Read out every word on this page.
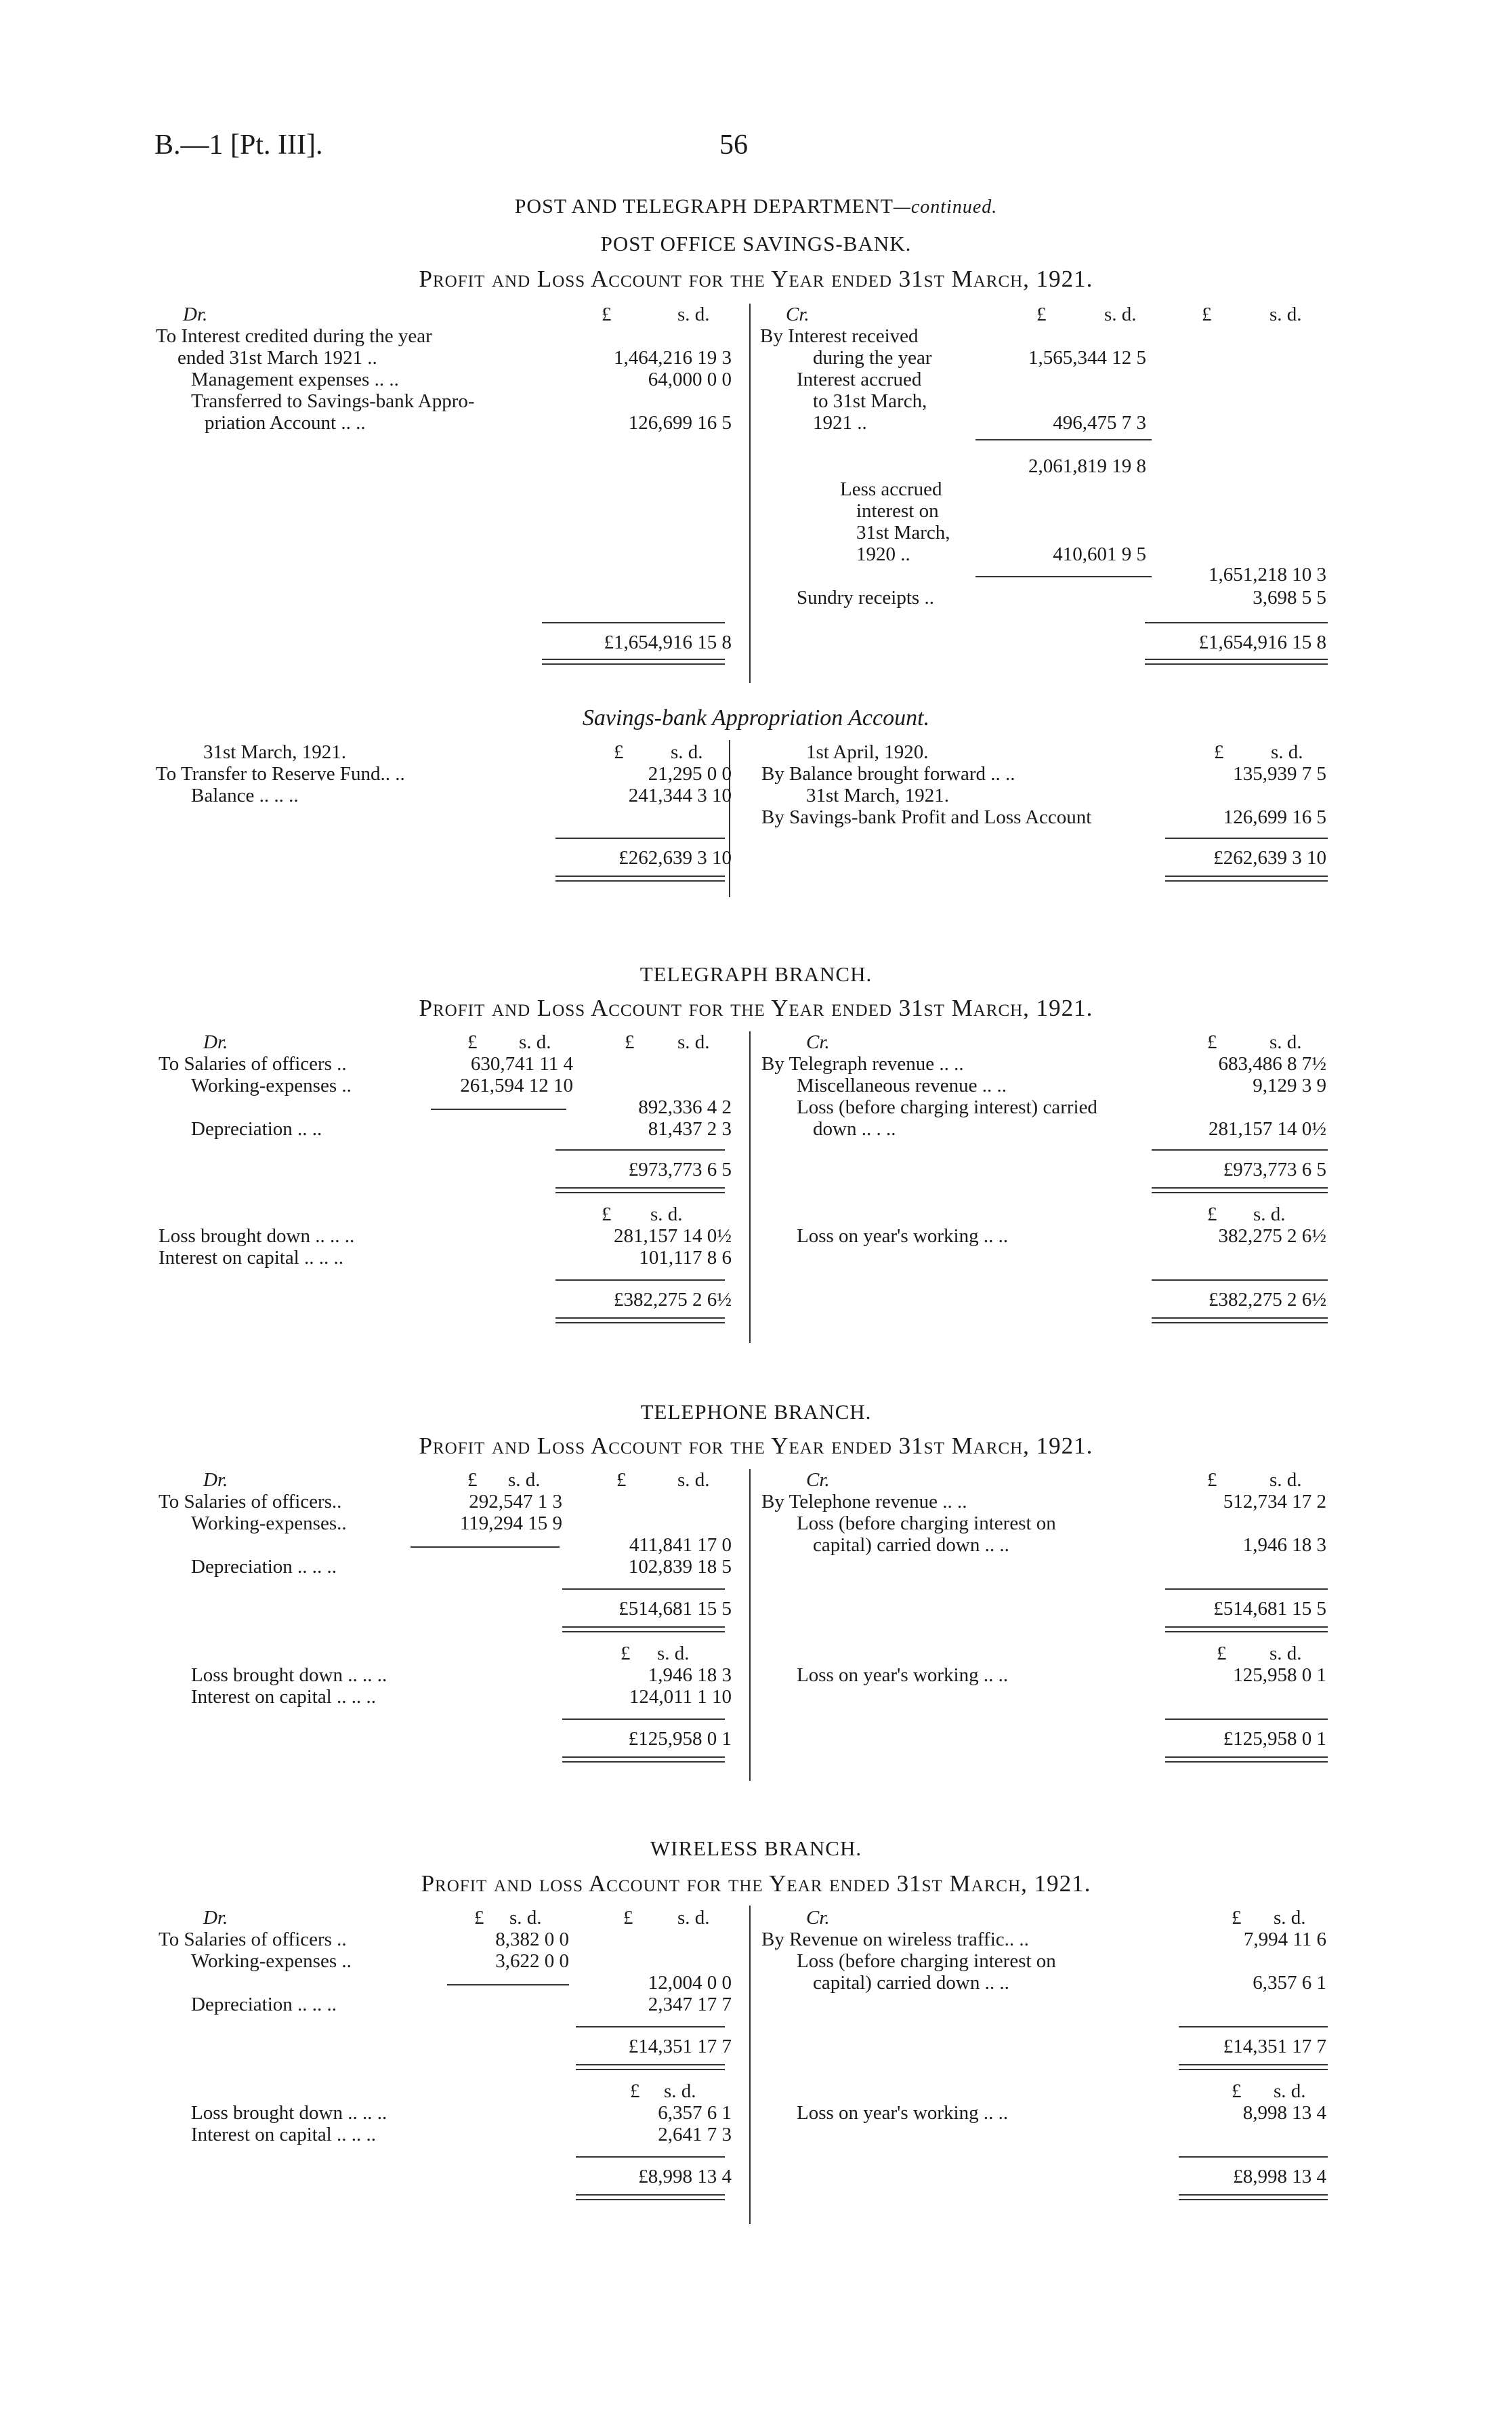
B.—1 [Pt. III].	56
POST AND TELEGRAPH DEPARTMENT—continued.
POST OFFICE SAVINGS-BANK.
Profit and Loss Account for the Year ended 31st March, 1921.
Dr.	£	s. d.
To Interest credited during the year
ended 31st March 1921 ..	1,464,216 19 3
Management expenses .. ..	64,000 0 0
Transferred to Savings-bank Appro-
priation Account .. ..	126,699 16 5
£1,654,916 15 8
Cr.	£	s. d.	£	s. d.
By Interest received
during the year	1,565,344 12 5
Interest accrued
to 31st March,
1921 ..	496,475 7 3
2,061,819 19 8
Less accrued
interest on
31st March,
1920 ..	410,601 9 5
1,651,218 10 3
Sundry receipts ..	3,698 5 5
£1,654,916 15 8
Savings-bank Appropriation Account.
31st March, 1921.	£ s. d.
To Transfer to Reserve Fund.. ..	21,295 0 0
Balance .. .. ..	241,344 3 10
£262,639 3 10
1st April, 1920.	£ s. d.
By Balance brought forward .. ..	135,939 7 5
31st March, 1921.
By Savings-bank Profit and Loss Account	126,699 16 5
£262,639 3 10
TELEGRAPH BRANCH.
Profit and Loss Account for the Year ended 31st March, 1921.
Dr.	£ s. d.	£ s. d.
To Salaries of officers ..	630,741 11 4
Working-expenses ..	261,594 12 10
892,336 4 2
Depreciation .. ..	81,437 2 3
£973,773 6 5
£ s. d.
Loss brought down .. .. ..	281,157 14 0½
Interest on capital .. .. ..	101,117 8 6
£382,275 2 6½
Cr.	£	s. d.
By Telegraph revenue .. ..	683,486 8 7½
Miscellaneous revenue .. ..	9,129 3 9
Loss (before charging interest) carried
down .. . ..	281,157 14 0½
£973,773 6 5
£ s. d.
Loss on year's working .. ..	382,275 2 6½
£382,275 2 6½
TELEPHONE BRANCH.
Profit and Loss Account for the Year ended 31st March, 1921.
Dr.	£ s. d.	£	s. d.
To Salaries of officers..	292,547 1 3
Working-expenses..	119,294 15 9
411,841 17 0
Depreciation .. .. ..	102,839 18 5
£514,681 15 5
£ s. d.
Loss brought down .. .. ..	1,946 18 3
Interest on capital .. .. ..	124,011 1 10
£125,958 0 1
Cr.	£	s. d.
By Telephone revenue .. ..	512,734 17 2
Loss (before charging interest on
capital) carried down .. ..	1,946 18 3
£514,681 15 5
£ s. d.
Loss on year's working .. ..	125,958 0 1
£125,958 0 1
WIRELESS BRANCH.
Profit and loss Account for the Year ended 31st March, 1921.
Dr.	£ s. d.	£ s. d.
To Salaries of officers ..	8,382 0 0
Working-expenses ..	3,622 0 0
12,004 0 0
Depreciation .. .. ..	2,347 17 7
£14,351 17 7
£ s. d.
Loss brought down .. .. ..	6,357 6 1
Interest on capital .. .. ..	2,641 7 3
£8,998 13 4
Cr.	£ s. d.
By Revenue on wireless traffic.. ..	7,994 11 6
Loss (before charging interest on
capital) carried down .. ..	6,357 6 1
£14,351 17 7
£ s. d.
Loss on year's working .. ..	8,998 13 4
£8,998 13 4
